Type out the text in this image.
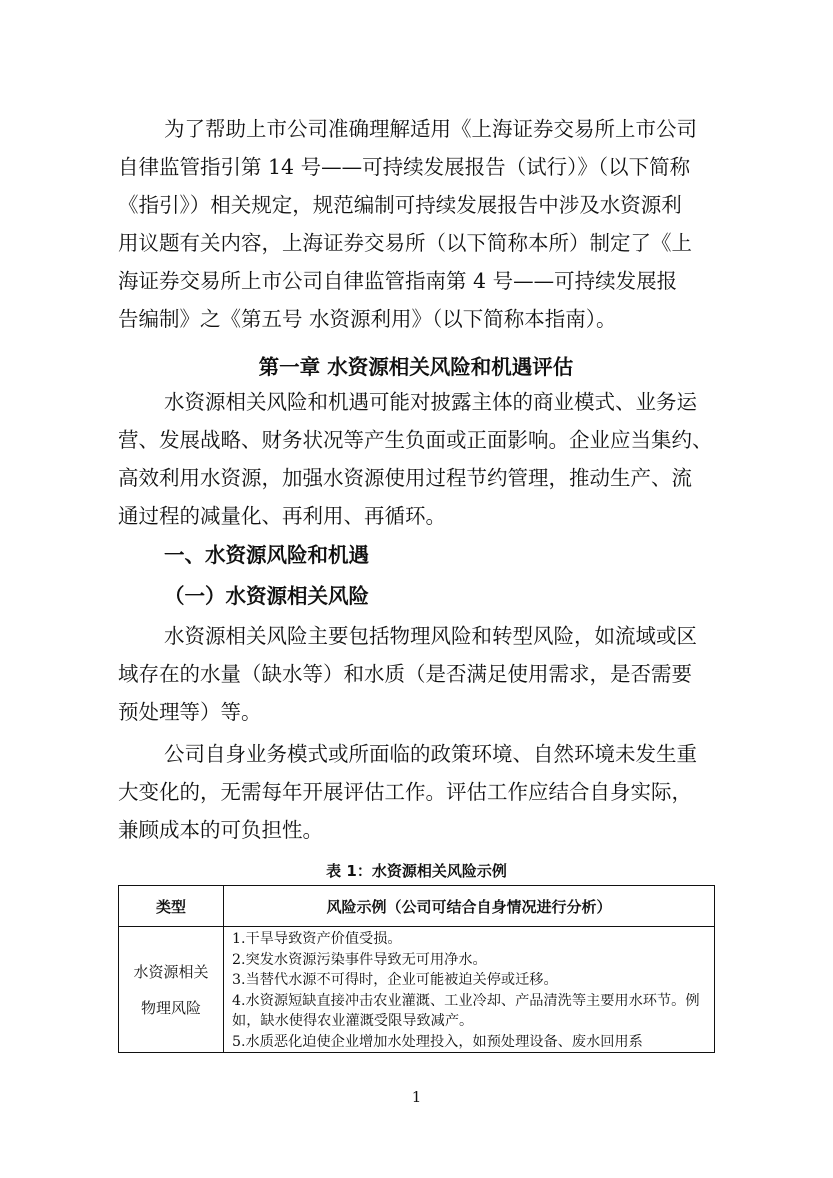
为了帮助上市公司准确理解适用《上海证券交易所上市公司
自律监管指引第 14 号——可持续发展报告（试行）》（以下简称
《指引》）相关规定，规范编制可持续发展报告中涉及水资源利
用议题有关内容，上海证券交易所（以下简称本所）制定了《上
海证券交易所上市公司自律监管指南第 4 号——可持续发展报
告编制》之《第五号 水资源利用》（以下简称本指南）。
第一章 水资源相关风险和机遇评估
水资源相关风险和机遇可能对披露主体的商业模式、业务运
营、发展战略、财务状况等产生负面或正面影响。企业应当集约、
高效利用水资源，加强水资源使用过程节约管理，推动生产、流
通过程的减量化、再利用、再循环。
一、水资源风险和机遇
（一）水资源相关风险
水资源相关风险主要包括物理风险和转型风险，如流域或区
域存在的水量（缺水等）和水质（是否满足使用需求，是否需要
预处理等）等。
公司自身业务模式或所面临的政策环境、自然环境未发生重
大变化的，无需每年开展评估工作。评估工作应结合自身实际，
兼顾成本的可负担性。

表 1：水资源相关风险示例

类型	风险示例（公司可结合自身情况进行分析）

水资源相关
物理风险	1.干旱导致资产价值受损。
2.突发水资源污染事件导致无可用净水。
3.当替代水源不可得时，企业可能被迫关停或迁移。
4.水资源短缺直接冲击农业灌溉、工业冷却、产品清洗等主要用水环节。例如，缺水使得农业灌溉受限导致减产。
5.水质恶化迫使企业增加水处理投入，如预处理设备、废水回用系

1
